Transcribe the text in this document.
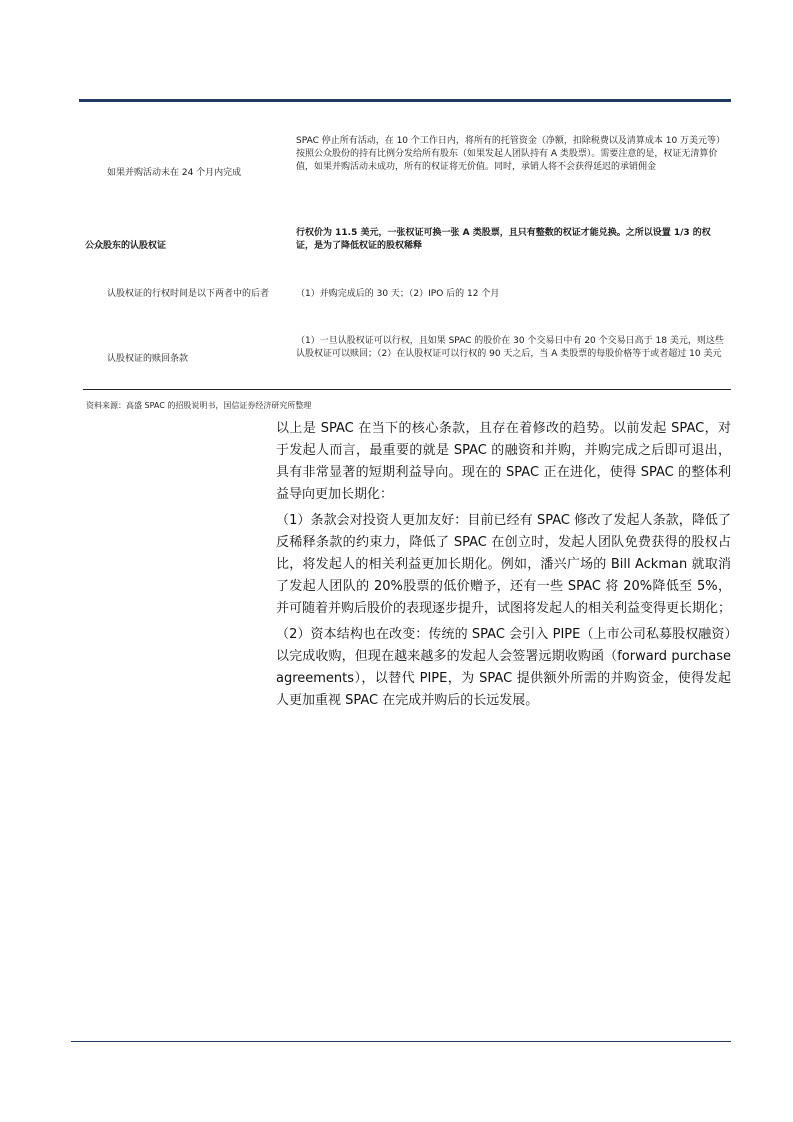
如果并购活动未在 24 个月内完成
SPAC 停止所有活动，在 10 个工作日内，将所有的托管资金（净额，扣除税费以及清算成本 10 万美元等）按照公众股份的持有比例分发给所有股东（如果发起人团队持有 A 类股票）。需要注意的是，权证无清算价值，如果并购活动未成功，所有的权证将无价值。同时，承销人将不会获得延迟的承销佣金
公众股东的认股权证
行权价为 11.5 美元，一张权证可换一张 A 类股票，且只有整数的权证才能兑换。之所以设置 1/3 的权证，是为了降低权证的股权稀释
认股权证的行权时间是以下两者中的后者	（1）并购完成后的 30 天；（2）IPO 后的 12 个月
认股权证的赎回条款
（1）一旦认股权证可以行权，且如果 SPAC 的股价在 30 个交易日中有 20 个交易日高于 18 美元，则这些认股权证可以赎回；（2）在认股权证可以行权的 90 天之后，当 A 类股票的每股价格等于或者超过 10 美元
资料来源：高盛 SPAC 的招股说明书，国信证券经济研究所整理

以上是 SPAC 在当下的核心条款，且存在着修改的趋势。以前发起 SPAC，对于发起人而言，最重要的就是 SPAC 的融资和并购，并购完成之后即可退出，具有非常显著的短期利益导向。现在的 SPAC 正在进化，使得 SPAC 的整体利益导向更加长期化：

（1）条款会对投资人更加友好：目前已经有 SPAC 修改了发起人条款，降低了反稀释条款的约束力，降低了 SPAC 在创立时，发起人团队免费获得的股权占比，将发起人的相关利益更加长期化。例如，潘兴广场的 Bill Ackman 就取消了发起人团队的 20%股票的低价赠予，还有一些 SPAC 将 20%降低至 5%，并可随着并购后股价的表现逐步提升，试图将发起人的相关利益变得更长期化；

（2）资本结构也在改变：传统的 SPAC 会引入 PIPE（上市公司私募股权融资）以完成收购，但现在越来越多的发起人会签署远期收购函（forward purchase agreements），以替代 PIPE，为 SPAC 提供额外所需的并购资金，使得发起人更加重视 SPAC 在完成并购后的长远发展。
